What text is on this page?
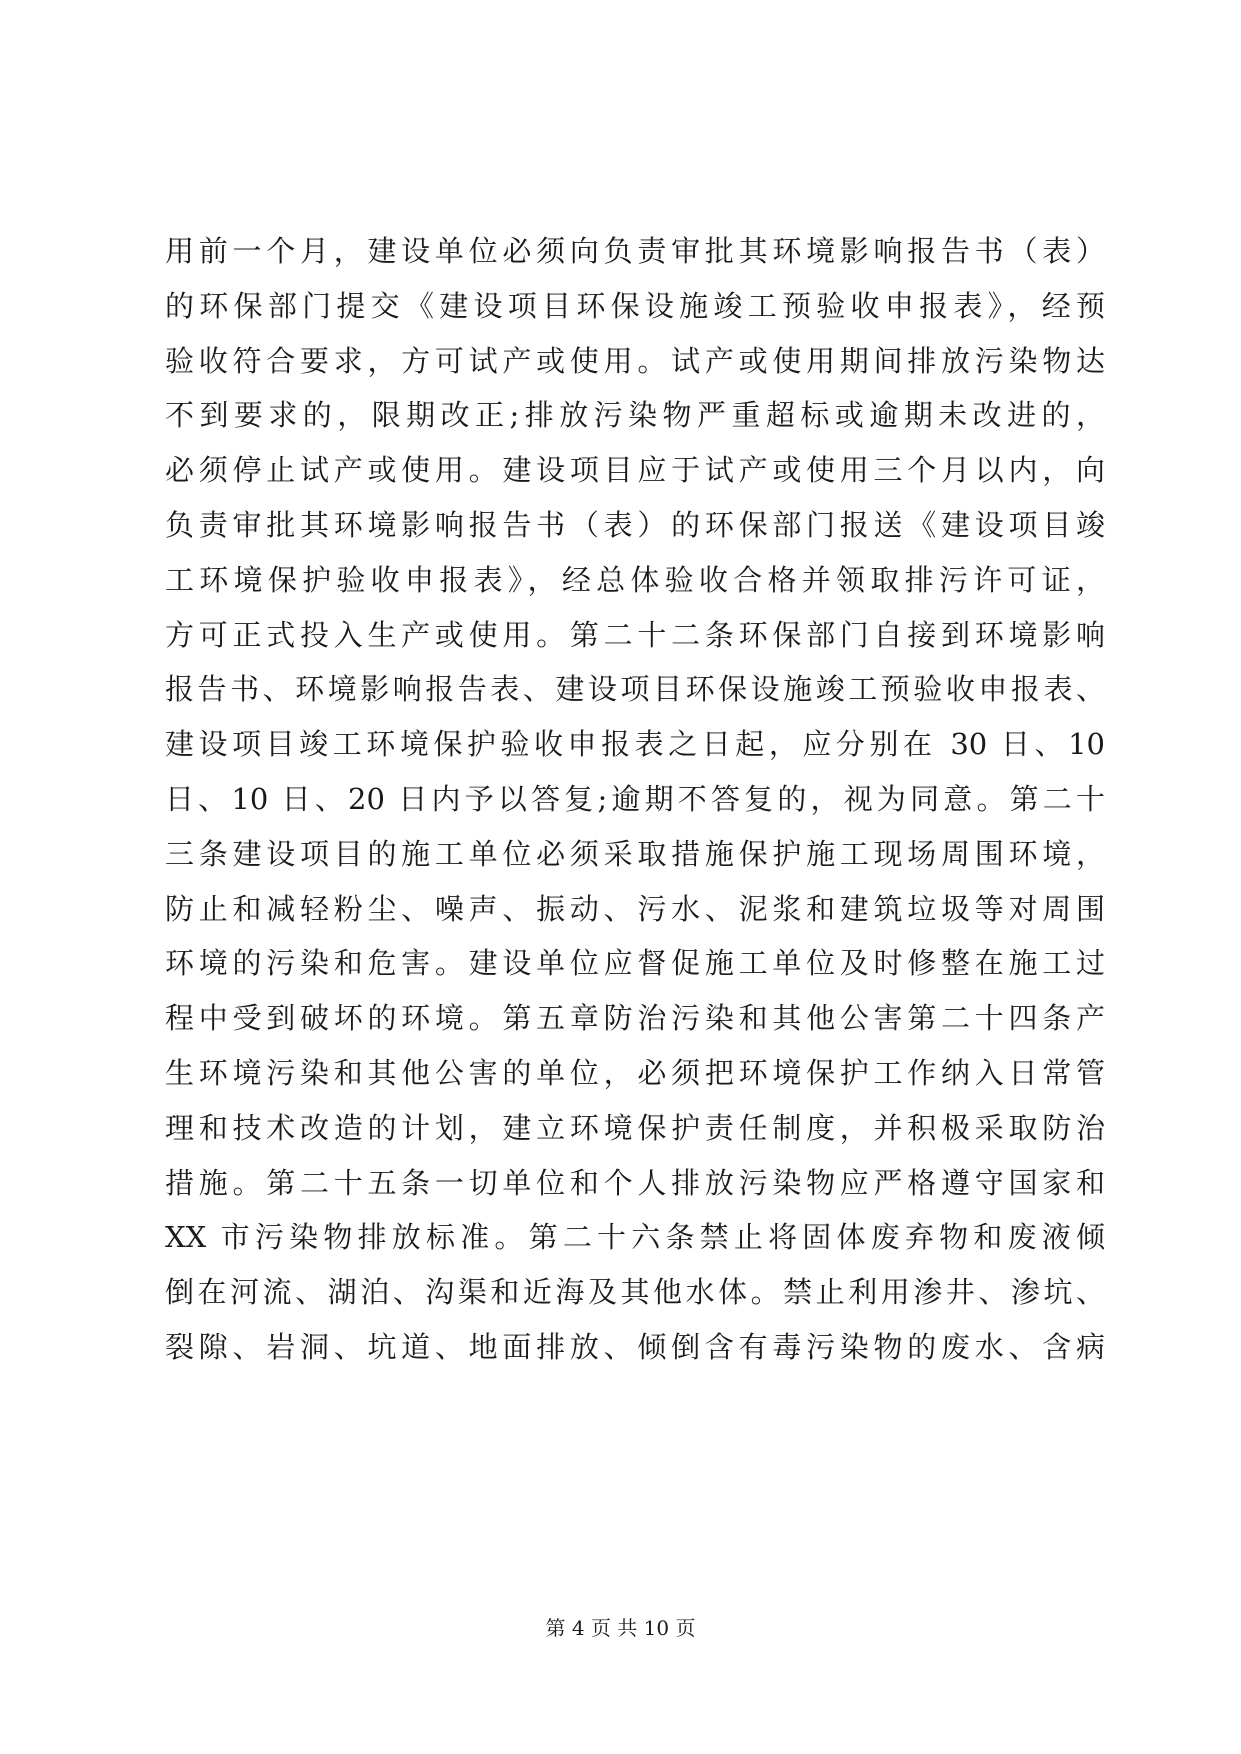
用前一个月，建设单位必须向负责审批其环境影响报告书（表）
的环保部门提交《建设项目环保设施竣工预验收申报表》，经预
验收符合要求，方可试产或使用。试产或使用期间排放污染物达
不到要求的，限期改正;排放污染物严重超标或逾期未改进的，
必须停止试产或使用。建设项目应于试产或使用三个月以内，向
负责审批其环境影响报告书（表）的环保部门报送《建设项目竣
工环境保护验收申报表》，经总体验收合格并领取排污许可证，
方可正式投入生产或使用。第二十二条环保部门自接到环境影响
报告书、环境影响报告表、建设项目环保设施竣工预验收申报表、
建设项目竣工环境保护验收申报表之日起，应分别在 30 日、10
日、10 日、20 日内予以答复;逾期不答复的，视为同意。第二十
三条建设项目的施工单位必须采取措施保护施工现场周围环境，
防止和减轻粉尘、噪声、振动、污水、泥浆和建筑垃圾等对周围
环境的污染和危害。建设单位应督促施工单位及时修整在施工过
程中受到破坏的环境。第五章防治污染和其他公害第二十四条产
生环境污染和其他公害的单位，必须把环境保护工作纳入日常管
理和技术改造的计划，建立环境保护责任制度，并积极采取防治
措施。第二十五条一切单位和个人排放污染物应严格遵守国家和
XX 市污染物排放标准。第二十六条禁止将固体废弃物和废液倾
倒在河流、湖泊、沟渠和近海及其他水体。禁止利用渗井、渗坑、
裂隙、岩洞、坑道、地面排放、倾倒含有毒污染物的废水、含病
第 4 页 共 10 页
